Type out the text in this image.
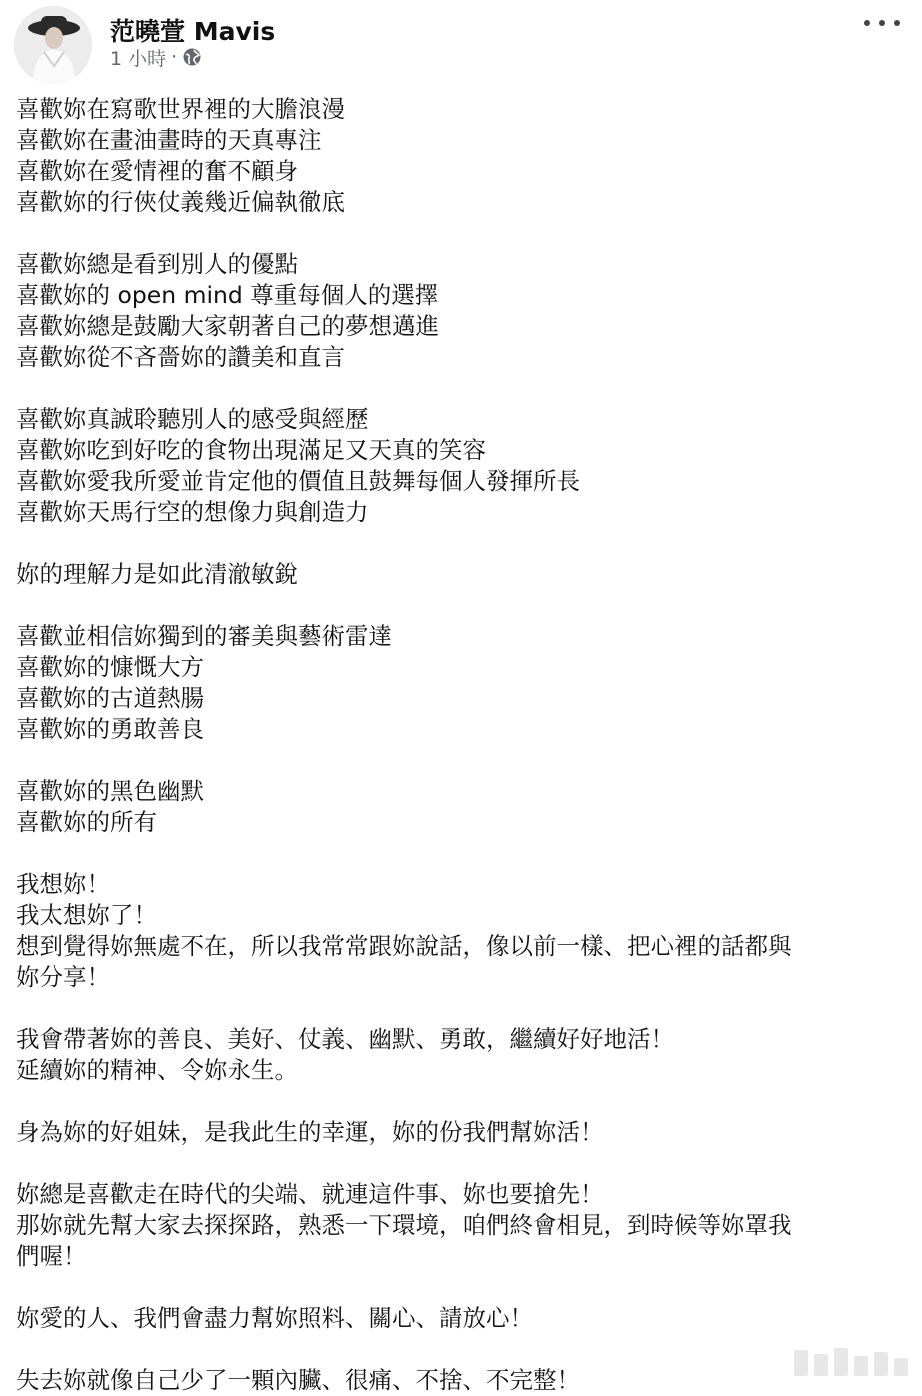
范曉萱 Mavis
1 小時 ·
喜歡妳在寫歌世界裡的大膽浪漫
喜歡妳在畫油畫時的天真專注
喜歡妳在愛情裡的奮不顧身
喜歡妳的行俠仗義幾近偏執徹底
喜歡妳總是看到別人的優點
喜歡妳的 open mind 尊重每個人的選擇
喜歡妳總是鼓勵大家朝著自己的夢想邁進
喜歡妳從不吝嗇妳的讚美和直言
喜歡妳真誠聆聽別人的感受與經歷
喜歡妳吃到好吃的食物出現滿足又天真的笑容
喜歡妳愛我所愛並肯定他的價值且鼓舞每個人發揮所長
喜歡妳天馬行空的想像力與創造力
妳的理解力是如此清澈敏銳
喜歡並相信妳獨到的審美與藝術雷達
喜歡妳的慷慨大方
喜歡妳的古道熱腸
喜歡妳的勇敢善良
喜歡妳的黑色幽默
喜歡妳的所有
我想妳！
我太想妳了！
想到覺得妳無處不在，所以我常常跟妳說話，像以前一樣、把心裡的話都與
妳分享！
我會帶著妳的善良、美好、仗義、幽默、勇敢，繼續好好地活！
延續妳的精神、令妳永生。
身為妳的好姐妹，是我此生的幸運，妳的份我們幫妳活！
妳總是喜歡走在時代的尖端、就連這件事、妳也要搶先！
那妳就先幫大家去探探路，熟悉一下環境，咱們終會相見，到時候等妳罩我
們喔！
妳愛的人、我們會盡力幫妳照料、關心、請放心！
失去妳就像自己少了一顆內臟、很痛、不捨、不完整！
